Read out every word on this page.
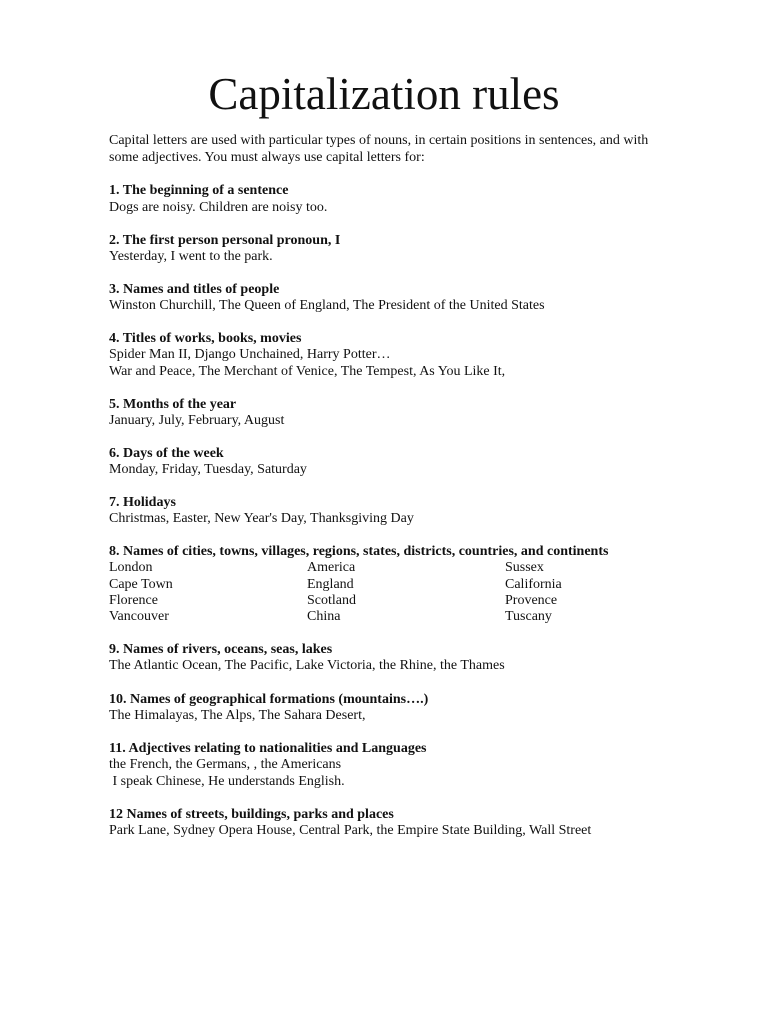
Capitalization rules
Capital letters are used with particular types of nouns, in certain positions in sentences, and with some adjectives. You must always use capital letters for:
1. The beginning of a sentence
Dogs are noisy. Children are noisy too.
2. The first person personal pronoun, I
Yesterday, I went to the park.
3. Names and titles of people
Winston Churchill, The Queen of England, The President of the United States
4. Titles of works, books, movies
Spider Man II, Django Unchained, Harry Potter…
War and Peace, The Merchant of Venice, The Tempest, As You Like It,
5. Months of the year
January, July, February, August
6. Days of the week
Monday, Friday, Tuesday, Saturday
7. Holidays
Christmas, Easter, New Year's Day, Thanksgiving Day
8. Names of cities, towns, villages, regions, states, districts, countries, and continents
London	America	Sussex
Cape Town	England	California
Florence	Scotland	Provence
Vancouver	China	Tuscany
9. Names of rivers, oceans, seas, lakes
The Atlantic Ocean, The Pacific, Lake Victoria, the Rhine, the Thames
10. Names of geographical formations (mountains….)
The Himalayas, The Alps, The Sahara Desert,
11. Adjectives relating to nationalities and Languages
the French, the Germans, , the Americans
I speak Chinese, He understands English.
12 Names of streets, buildings, parks and places
Park Lane, Sydney Opera House, Central Park, the Empire State Building, Wall Street
